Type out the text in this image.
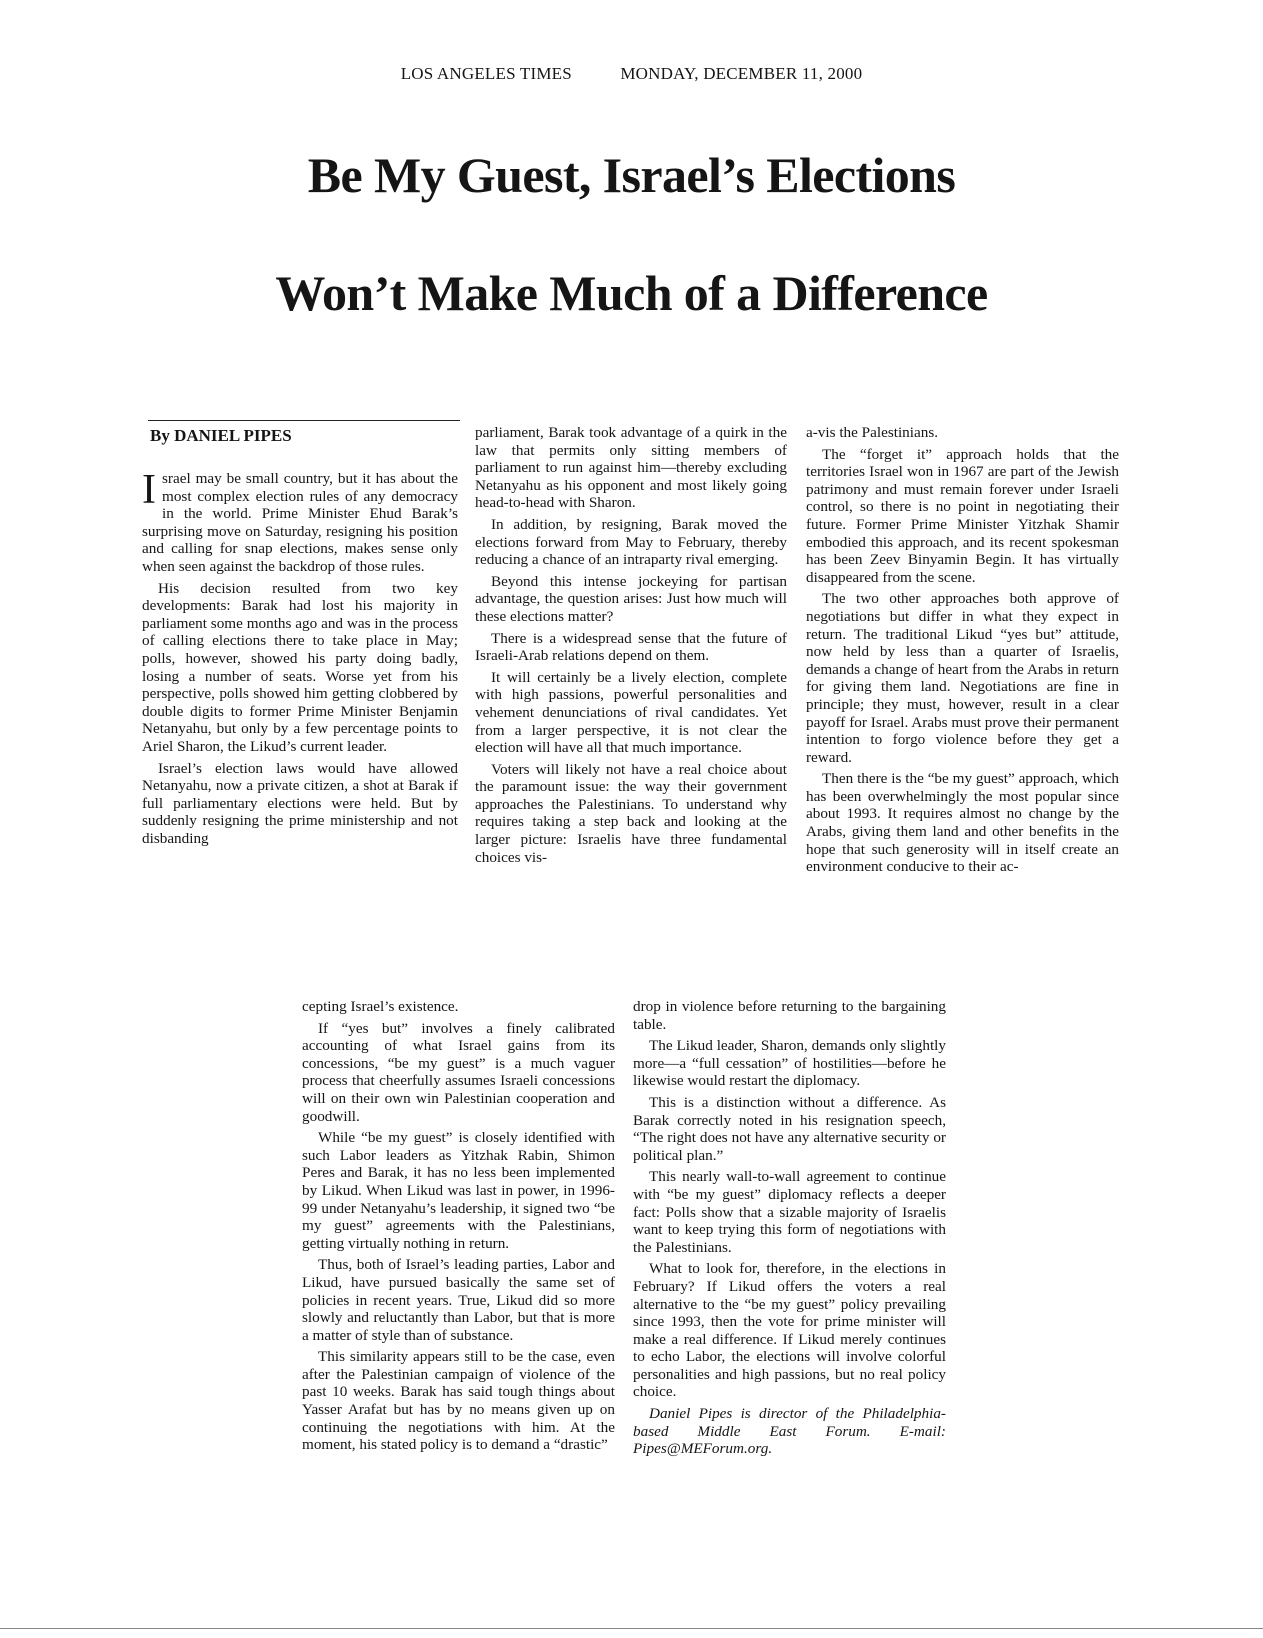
LOS ANGELES TIMES	MONDAY, DECEMBER 11, 2000
Be My Guest, Israel’s Elections
Won’t Make Much of a Difference
By DANIEL PIPES

Israel may be small country, but it has about the most complex election rules of any democracy in the world. Prime Minister Ehud Barak’s surprising move on Saturday, resigning his position and calling for snap elections, makes sense only when seen against the backdrop of those rules.

His decision resulted from two key developments: Barak had lost his majority in parliament some months ago and was in the process of calling elections there to take place in May; polls, however, showed his party doing badly, losing a number of seats. Worse yet from his perspective, polls showed him getting clobbered by double digits to former Prime Minister Benjamin Netanyahu, but only by a few percentage points to Ariel Sharon, the Likud’s current leader.

Israel’s election laws would have allowed Netanyahu, now a private citizen, a shot at Barak if full parliamentary elections were held. But by suddenly resigning the prime ministership and not disbanding

parliament, Barak took advantage of a quirk in the law that permits only sitting members of parliament to run against him—thereby excluding Netanyahu as his opponent and most likely going head-to-head with Sharon.

In addition, by resigning, Barak moved the elections forward from May to February, thereby reducing a chance of an intraparty rival emerging.

Beyond this intense jockeying for partisan advantage, the question arises: Just how much will these elections matter?

There is a widespread sense that the future of Israeli-Arab relations depend on them.

It will certainly be a lively election, complete with high passions, powerful personalities and vehement denunciations of rival candidates. Yet from a larger perspective, it is not clear the election will have all that much importance.

Voters will likely not have a real choice about the paramount issue: the way their government approaches the Palestinians. To understand why requires taking a step back and looking at the larger picture: Israelis have three fundamental choices vis-

a-vis the Palestinians.

The “forget it” approach holds that the territories Israel won in 1967 are part of the Jewish patrimony and must remain forever under Israeli control, so there is no point in negotiating their future. Former Prime Minister Yitzhak Shamir embodied this approach, and its recent spokesman has been Zeev Binyamin Begin. It has virtually disappeared from the scene.

The two other approaches both approve of negotiations but differ in what they expect in return. The traditional Likud “yes but” attitude, now held by less than a quarter of Israelis, demands a change of heart from the Arabs in return for giving them land. Negotiations are fine in principle; they must, however, result in a clear payoff for Israel. Arabs must prove their permanent intention to forgo violence before they get a reward.

Then there is the “be my guest” approach, which has been overwhelmingly the most popular since about 1993. It requires almost no change by the Arabs, giving them land and other benefits in the hope that such generosity will in itself create an environment conducive to their ac-

cepting Israel’s existence.

If “yes but” involves a finely calibrated accounting of what Israel gains from its concessions, “be my guest” is a much vaguer process that cheerfully assumes Israeli concessions will on their own win Palestinian cooperation and goodwill.

While “be my guest” is closely identified with such Labor leaders as Yitzhak Rabin, Shimon Peres and Barak, it has no less been implemented by Likud. When Likud was last in power, in 1996-99 under Netanyahu’s leadership, it signed two “be my guest” agreements with the Palestinians, getting virtually nothing in return.

Thus, both of Israel’s leading parties, Labor and Likud, have pursued basically the same set of policies in recent years. True, Likud did so more slowly and reluctantly than Labor, but that is more a matter of style than of substance.

This similarity appears still to be the case, even after the Palestinian campaign of violence of the past 10 weeks. Barak has said tough things about Yasser Arafat but has by no means given up on continuing the negotiations with him. At the moment, his stated policy is to demand a “drastic”

drop in violence before returning to the bargaining table.

The Likud leader, Sharon, demands only slightly more—a “full cessation” of hostilities—before he likewise would restart the diplomacy.

This is a distinction without a difference. As Barak correctly noted in his resignation speech, “The right does not have any alternative security or political plan.”

This nearly wall-to-wall agreement to continue with “be my guest” diplomacy reflects a deeper fact: Polls show that a sizable majority of Israelis want to keep trying this form of negotiations with the Palestinians.

What to look for, therefore, in the elections in February? If Likud offers the voters a real alternative to the “be my guest” policy prevailing since 1993, then the vote for prime minister will make a real difference. If Likud merely continues to echo Labor, the elections will involve colorful personalities and high passions, but no real policy choice.

Daniel Pipes is director of the Philadelphia-based Middle East Forum. E-mail: Pipes@MEForum.org.
